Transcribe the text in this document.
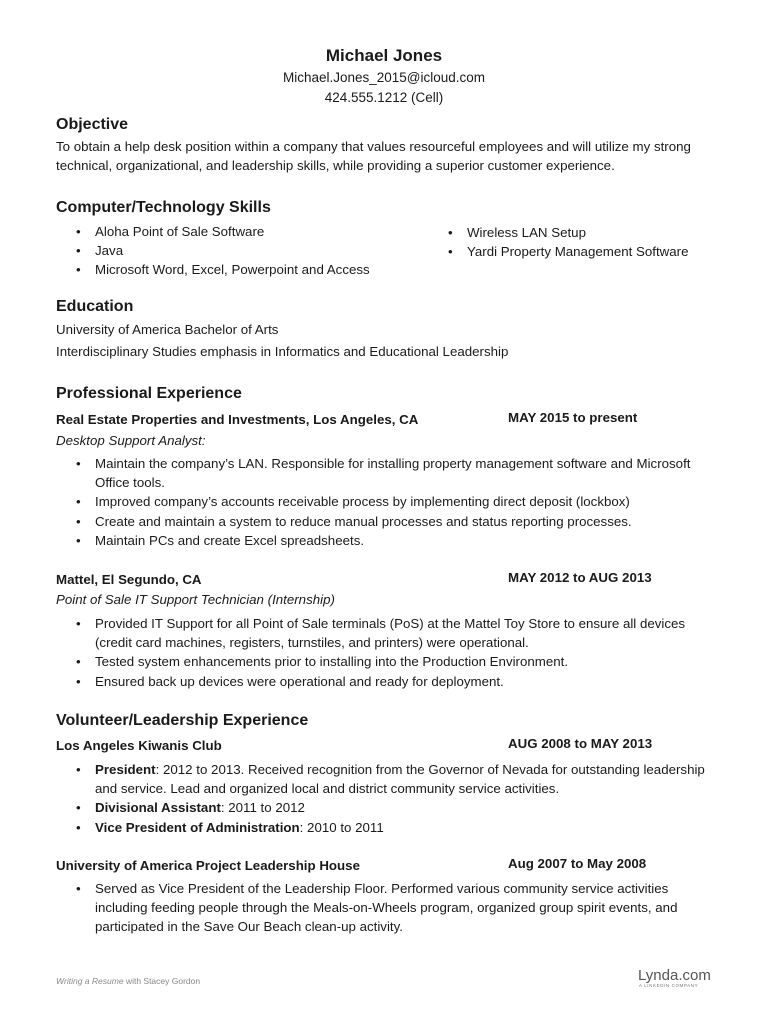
Michael Jones
Michael.Jones_2015@icloud.com
424.555.1212 (Cell)
Objective
To obtain a help desk position within a company that values resourceful employees and will utilize my strong technical, organizational, and leadership skills, while providing a superior customer experience.
Computer/Technology Skills
• Aloha Point of Sale Software
• Java
• Microsoft Word, Excel, Powerpoint and Access
• Wireless LAN Setup
• Yardi Property Management Software
Education
University of America Bachelor of Arts
Interdisciplinary Studies emphasis in Informatics and Educational Leadership
Professional Experience
Real Estate Properties and Investments, Los Angeles, CA	MAY 2015 to present
Desktop Support Analyst:
• Maintain the company’s LAN. Responsible for installing property management software and Microsoft Office tools.
• Improved company’s accounts receivable process by implementing direct deposit (lockbox)
• Create and maintain a system to reduce manual processes and status reporting processes.
• Maintain PCs and create Excel spreadsheets.
Mattel, El Segundo, CA	MAY 2012 to AUG 2013
Point of Sale IT Support Technician (Internship)
• Provided IT Support for all Point of Sale terminals (PoS) at the Mattel Toy Store to ensure all devices (credit card machines, registers, turnstiles, and printers) were operational.
• Tested system enhancements prior to installing into the Production Environment.
• Ensured back up devices were operational and ready for deployment.
Volunteer/Leadership Experience
Los Angeles Kiwanis Club	AUG 2008 to MAY 2013
• President: 2012 to 2013. Received recognition from the Governor of Nevada for outstanding leadership and service. Lead and organized local and district community service activities.
• Divisional Assistant: 2011 to 2012
• Vice President of Administration: 2010 to 2011
University of America Project Leadership House	Aug 2007 to May 2008
• Served as Vice President of the Leadership Floor. Performed various community service activities including feeding people through the Meals-on-Wheels program, organized group spirit events, and participated in the Save Our Beach clean-up activity.
Writing a Resume with Stacey Gordon	Lynda.com
A LINKEDIN COMPANY
